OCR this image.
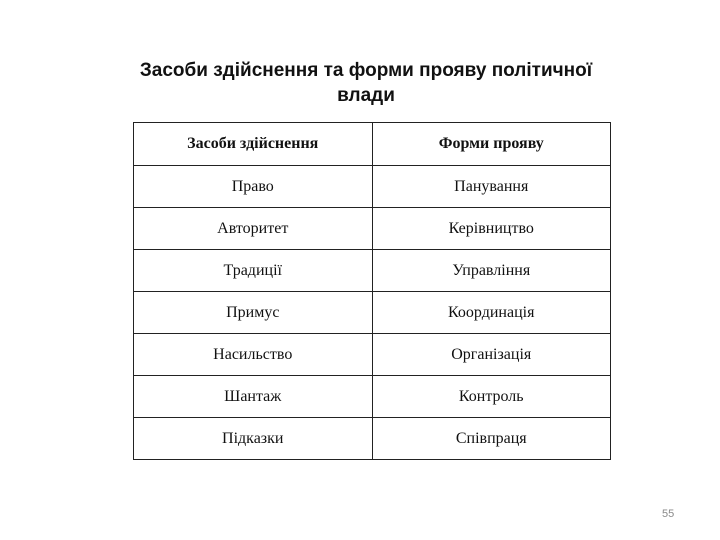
Засоби здійснення та форми прояву політичної
влади
Засоби здійснення	Форми прояву
Право	Панування
Авторитет	Керівництво
Традиції	Управління
Примус	Координація
Насильство	Організація
Шантаж	Контроль
Підказки	Співпраця
55
